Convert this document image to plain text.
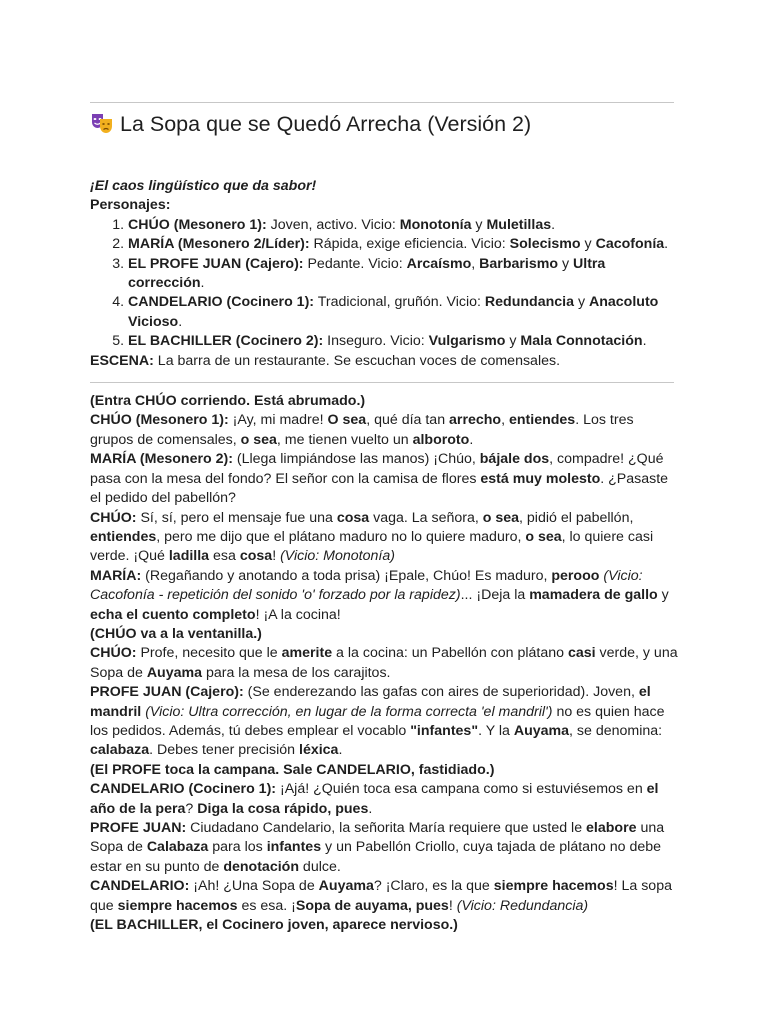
La Sopa que se Quedó Arrecha (Versión 2)

¡El caos lingüístico que da sabor!

Personajes:

1. CHÚO (Mesonero 1): Joven, activo. Vicio: Monotonía y Muletillas.
2. MARÍA (Mesonero 2/Líder): Rápida, exige eficiencia. Vicio: Solecismo y Cacofonía.
3. EL PROFE JUAN (Cajero): Pedante. Vicio: Arcaísmo, Barbarismo y Ultra corrección.
4. CANDELARIO (Cocinero 1): Tradicional, gruñón. Vicio: Redundancia y Anacoluto Vicioso.
5. EL BACHILLER (Cocinero 2): Inseguro. Vicio: Vulgarismo y Mala Connotación.

ESCENA: La barra de un restaurante. Se escuchan voces de comensales.

(Entra CHÚO corriendo. Está abrumado.)

CHÚO (Mesonero 1): ¡Ay, mi madre! O sea, qué día tan arrecho, entiendes. Los tres grupos de comensales, o sea, me tienen vuelto un alboroto.

MARÍA (Mesonero 2): (Llega limpiándose las manos) ¡Chúo, bájale dos, compadre! ¿Qué pasa con la mesa del fondo? El señor con la camisa de flores está muy molesto. ¿Pasaste el pedido del pabellón?

CHÚO: Sí, sí, pero el mensaje fue una cosa vaga. La señora, o sea, pidió el pabellón, entiendes, pero me dijo que el plátano maduro no lo quiere maduro, o sea, lo quiere casi verde. ¡Qué ladilla esa cosa! (Vicio: Monotonía)

MARÍA: (Regañando y anotando a toda prisa) ¡Epale, Chúo! Es maduro, perooo (Vicio: Cacofonía - repetición del sonido 'o' forzado por la rapidez)... ¡Deja la mamadera de gallo y echa el cuento completo! ¡A la cocina!

(CHÚO va a la ventanilla.)

CHÚO: Profe, necesito que le amerite a la cocina: un Pabellón con plátano casi verde, y una Sopa de Auyama para la mesa de los carajitos.

PROFE JUAN (Cajero): (Se enderezando las gafas con aires de superioridad). Joven, el mandril (Vicio: Ultra corrección, en lugar de la forma correcta 'el mandril') no es quien hace los pedidos. Además, tú debes emplear el vocablo "infantes". Y la Auyama, se denomina: calabaza. Debes tener precisión léxica.

(El PROFE toca la campana. Sale CANDELARIO, fastidiado.)

CANDELARIO (Cocinero 1): ¡Ajá! ¿Quién toca esa campana como si estuviésemos en el año de la pera? Diga la cosa rápido, pues.

PROFE JUAN: Ciudadano Candelario, la señorita María requiere que usted le elabore una Sopa de Calabaza para los infantes y un Pabellón Criollo, cuya tajada de plátano no debe estar en su punto de denotación dulce.

CANDELARIO: ¡Ah! ¿Una Sopa de Auyama? ¡Claro, es la que siempre hacemos! La sopa que siempre hacemos es esa. ¡Sopa de auyama, pues! (Vicio: Redundancia)

(EL BACHILLER, el Cocinero joven, aparece nervioso.)
